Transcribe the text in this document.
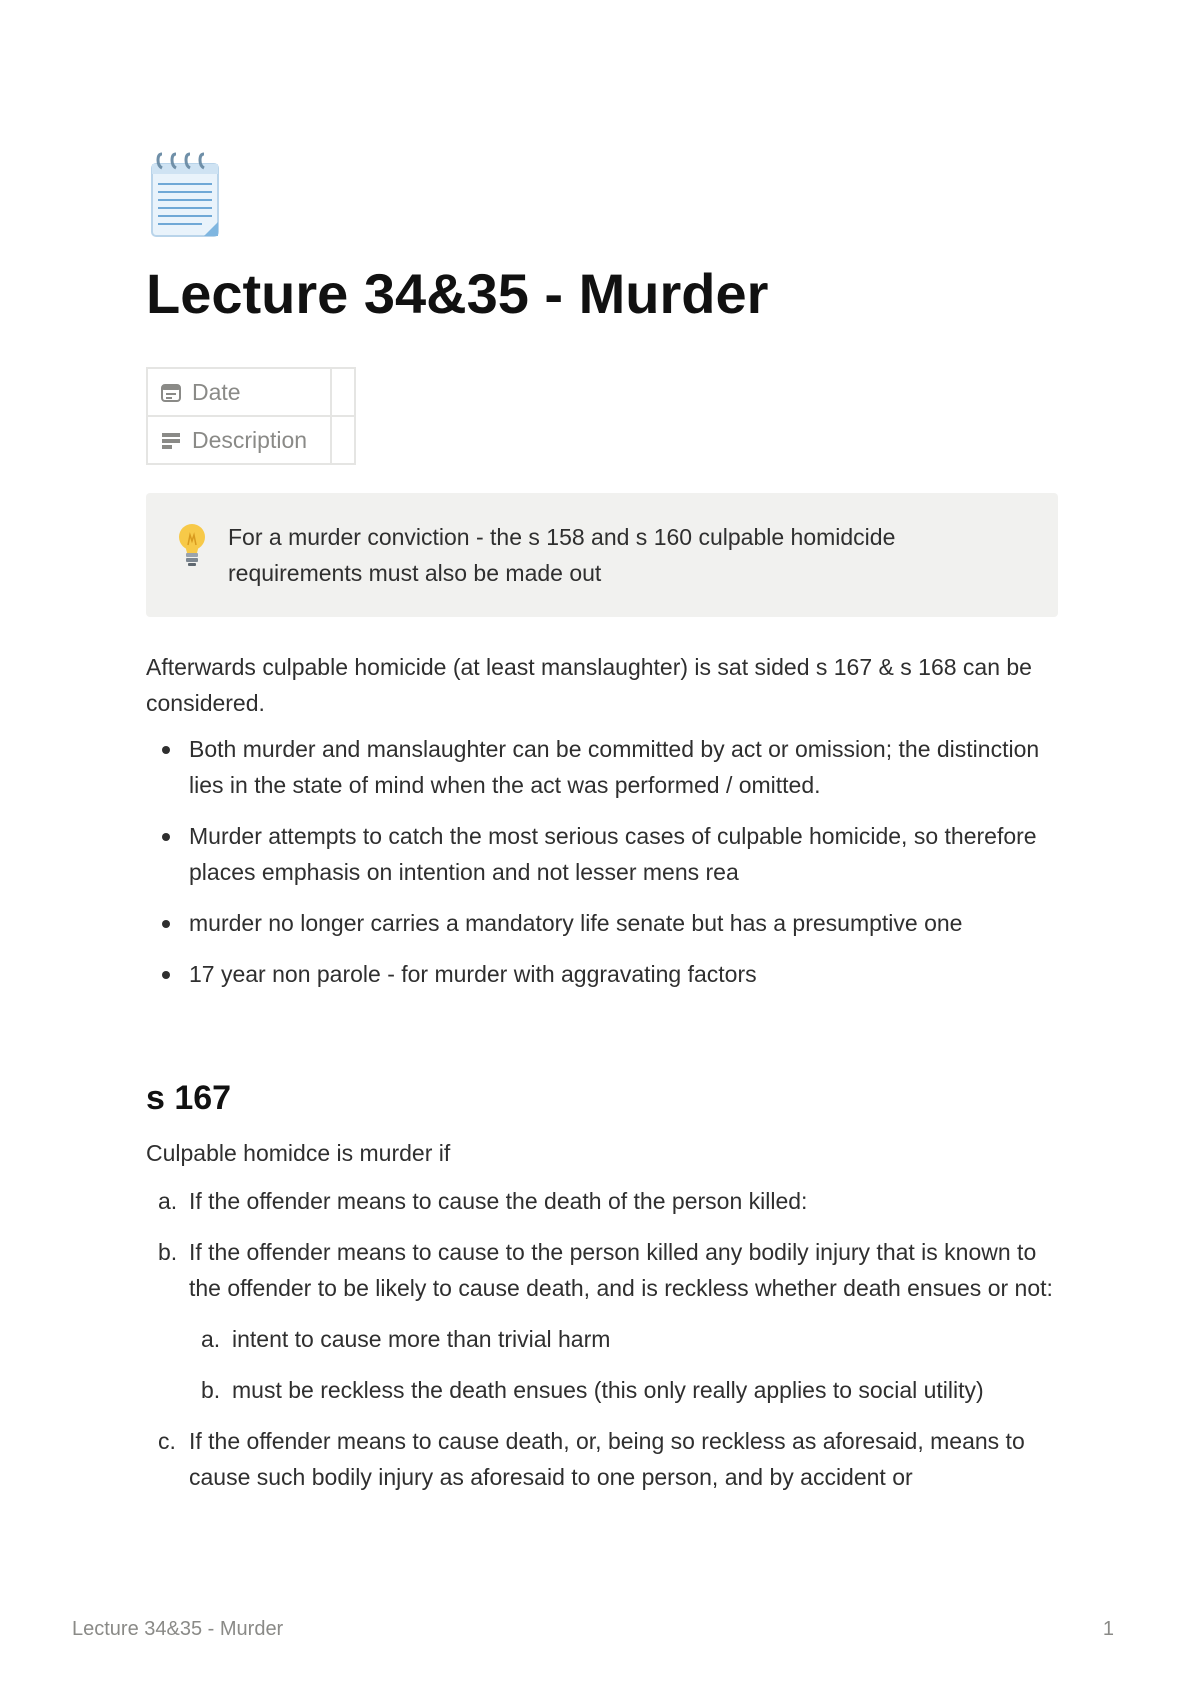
Lecture 34&35 - Murder
Date	

Description	

For a murder conviction - the s 158 and s 160 culpable homidcide requirements must also be made out

Afterwards culpable homicide (at least manslaughter) is sat sided s 167 & s 168 can be considered.

Both murder and manslaughter can be committed by act or omission; the distinction lies in the state of mind when the act was performed / omitted.
Murder attempts to catch the most serious cases of culpable homicide, so therefore places emphasis on intention and not lesser mens rea
murder no longer carries a mandatory life senate but has a presumptive one
17 year non parole - for murder with aggravating factors
s 167

Culpable homidce is murder if

a. If the offender means to cause the death of the person killed:
b. If the offender means to cause to the person killed any bodily injury that is known to the offender to be likely to cause death, and is reckless whether death ensues or not:
a. intent to cause more than trivial harm
b. must be reckless the death ensues (this only really applies to social utility)
c. If the offender means to cause death, or, being so reckless as aforesaid, means to cause such bodily injury as aforesaid to one person, and by accident or
Lecture 34&35 - Murder	1
